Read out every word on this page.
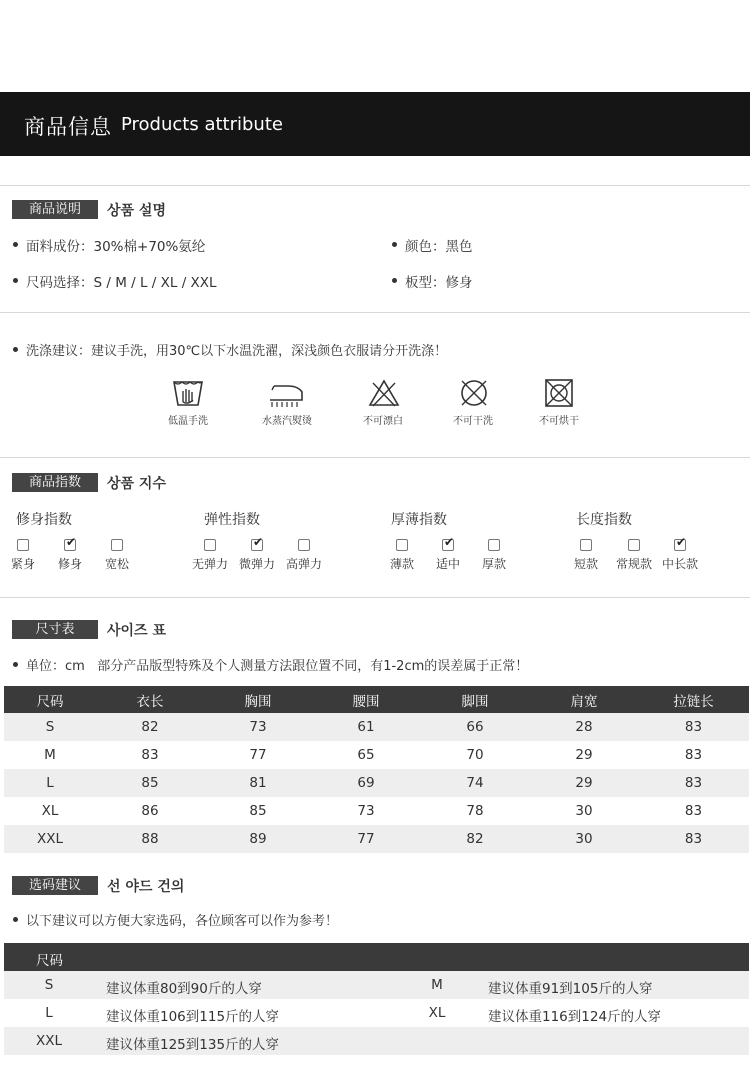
商品信息 Products attribute
商品说明	상품 설명
面料成份：30%棉+70%氨纶	颜色：黑色
尺码选择：S / M / L / XL / XXL	板型：修身
洗涤建议：建议手洗，用30℃以下水温洗濯，深浅颜色衣服请分开洗涤！
低温手洗	水蒸汽熨烫	不可漂白	不可干洗	不可烘干
商品指数	상품 지수
修身指数
紧身
✔
修身	宽松
弹性指数
无弹力
✔
微弹力 高弹力
厚薄指数
薄款
✔
适中	厚款
长度指数
短款	常规款
✔
中长款
尺寸表	사이즈 표
单位：cm   部分产品版型特殊及个人测量方法跟位置不同，有1-2cm的误差属于正常！
尺码	衣长	胸围	腰围	脚围	肩宽	拉链长
S	82	73	61	66	28	83
M	83	77	65	70	29	83
L	85	81	69	74	29	83
XL	86	85	73	78	30	83
XXL	88	89	77	82	30	83
选码建议	선 야드 건의
以下建议可以方便大家选码，各位顾客可以作为参考！
尺码
S	建议体重80到90斤的人穿	M	建议体重91到105斤的人穿
L	建议体重106到115斤的人穿	XL	建议体重116到124斤的人穿
XXL	建议体重125到135斤的人穿
